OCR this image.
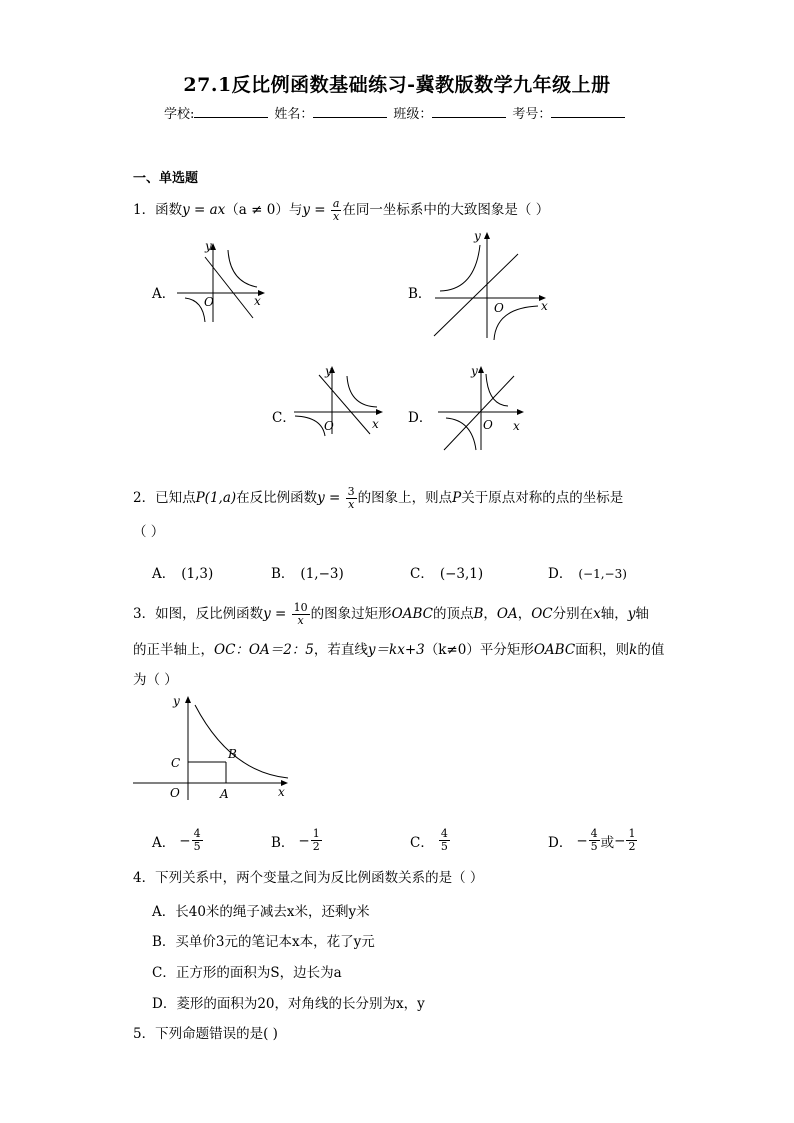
27.1反比例函数基础练习-冀教版数学九年级上册
学校:	姓名：	班级：	考号：
一、单选题
1．函数y = ax（a ≠ 0）与$y = \frac{a}{x}$ 在同一坐标系中的大致图象是（ ）
A．
y
x
O	B．
y
x
O
C．
y
x
O	D．
y
x
O
2．已知点P(1,a)在反比例函数$y = \frac{3}{x}$ 的图象上，则点P关于原点对称的点的坐标是
（ ）
A． (1,3)	B． (1,−3)	C． (−3,1)	D． (−1,−3)
3．如图，反比例函数$y = \frac{10}{x}$ 的图象过矩形OABC的顶点B，OA，OC分别在x轴，y轴
的正半轴上，OC：OA＝2：5，若直线y＝kx+3（k≠0）平分矩形OABC面积，则k的值
为（ ）
y
x
O	A
B
C
A． − $\frac{4}{5}$	B． − $\frac{1}{2}$	C． $\frac{4}{5}$	D． − $\frac{4}{5}$ 或 − $\frac{1}{2}$
4．下列关系中，两个变量之间为反比例函数关系的是（ ）
A．长40米的绳子减去x米，还剩y米
B．买单价3元的笔记本x本，花了y元
C．正方形的面积为S，边长为a
D．菱形的面积为20，对角线的长分别为x，y
5．下列命题错误的是( )
